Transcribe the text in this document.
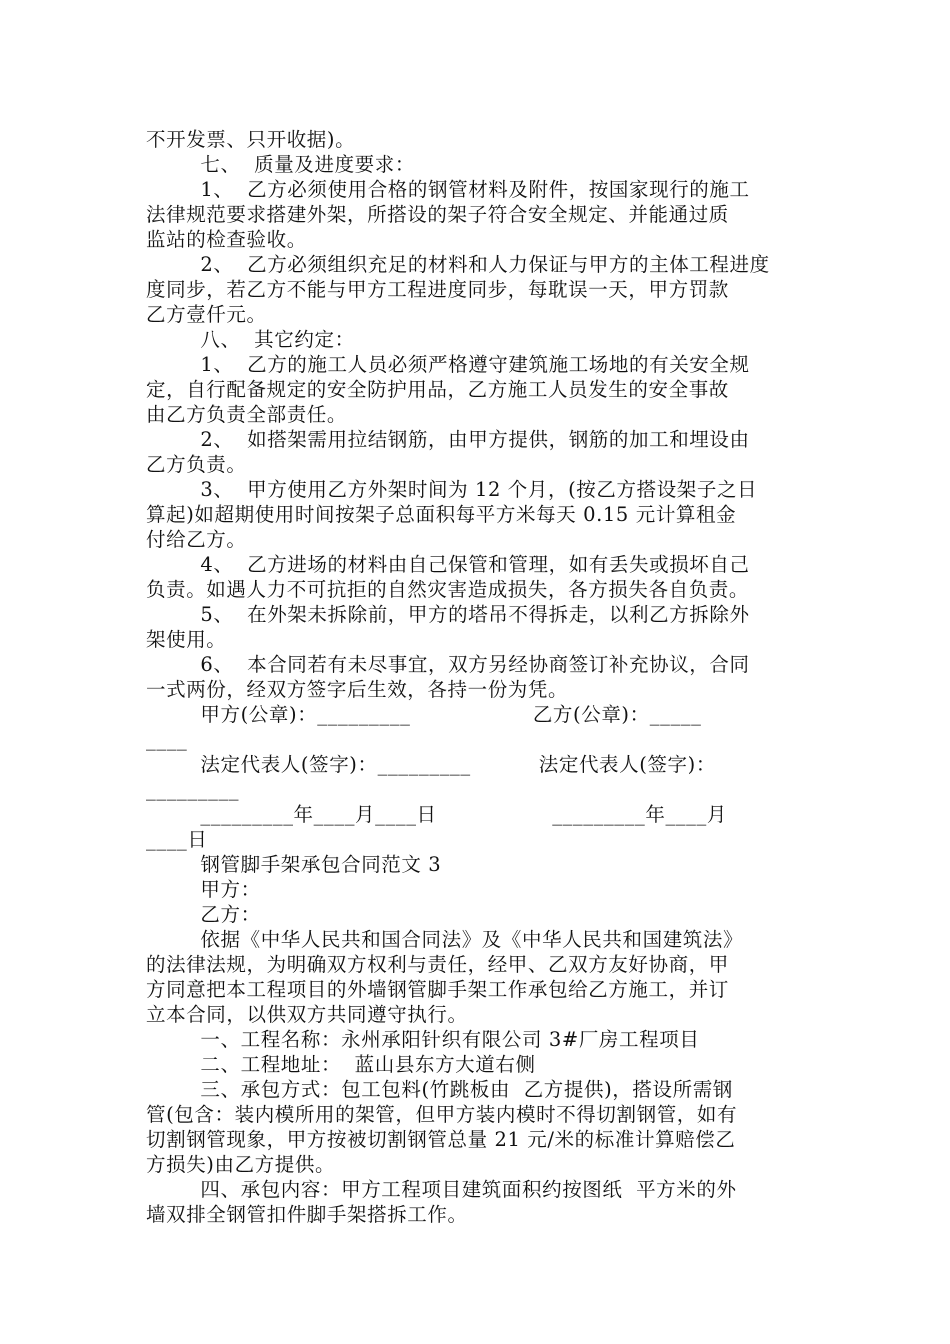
不开发票、只开收据)。
七、  质量及进度要求：
1、  乙方必须使用合格的钢管材料及附件，按国家现行的施工
法律规范要求搭建外架，所搭设的架子符合安全规定、并能通过质
监站的检查验收。
2、  乙方必须组织充足的材料和人力保证与甲方的主体工程进度
度同步，若乙方不能与甲方工程进度同步，每耽误一天，甲方罚款
乙方壹仟元。
八、  其它约定：
1、  乙方的施工人员必须严格遵守建筑施工场地的有关安全规
定，自行配备规定的安全防护用品，乙方施工人员发生的安全事故
由乙方负责全部责任。
2、  如搭架需用拉结钢筋，由甲方提供，钢筋的加工和埋设由
乙方负责。
3、  甲方使用乙方外架时间为 12 个月，(按乙方搭设架子之日
算起)如超期使用时间按架子总面积每平方米每天 0.15 元计算租金
付给乙方。
4、  乙方进场的材料由自己保管和管理，如有丢失或损坏自己
负责。如遇人力不可抗拒的自然灾害造成损失，各方损失各自负责。
5、  在外架未拆除前，甲方的塔吊不得拆走，以利乙方拆除外
架使用。
6、  本合同若有未尽事宜，双方另经协商签订补充协议，合同
一式两份，经双方签字后生效，各持一份为凭。
甲方(公章)：_________                  乙方(公章)：_____
____
法定代表人(签字)：_________          法定代表人(签字)：
_________
_________年____月____日                 _________年____月
____日
钢管脚手架承包合同范文 3
甲方：
乙方：
依据《中华人民共和国合同法》及《中华人民共和国建筑法》
的法律法规，为明确双方权利与责任，经甲、乙双方友好协商，甲
方同意把本工程项目的外墙钢管脚手架工作承包给乙方施工，并订
立本合同，以供双方共同遵守执行。
一、工程名称：永州承阳针织有限公司 3#厂房工程项目
二、工程地址：  蓝山县东方大道右侧
三、承包方式：包工包料(竹跳板由  乙方提供)，搭设所需钢
管(包含：装内模所用的架管，但甲方装内模时不得切割钢管，如有
切割钢管现象，甲方按被切割钢管总量 21 元/米的标准计算赔偿乙
方损失)由乙方提供。
四、承包内容：甲方工程项目建筑面积约按图纸  平方米的外
墙双排全钢管扣件脚手架搭拆工作。
